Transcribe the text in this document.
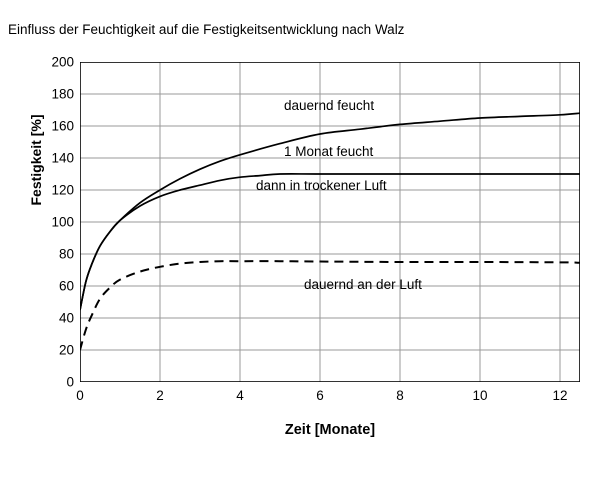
Einfluss der Feuchtigkeit auf die Festigkeitsentwicklung nach Walz
0
20
40
60
80
100
120
140
160
180
200
0	2	4	6	8	10	12
Festigkeit [%]
Zeit [Monate]
dauernd feucht
1 Monat feucht
dann in trockener Luft
dauernd an der Luft
